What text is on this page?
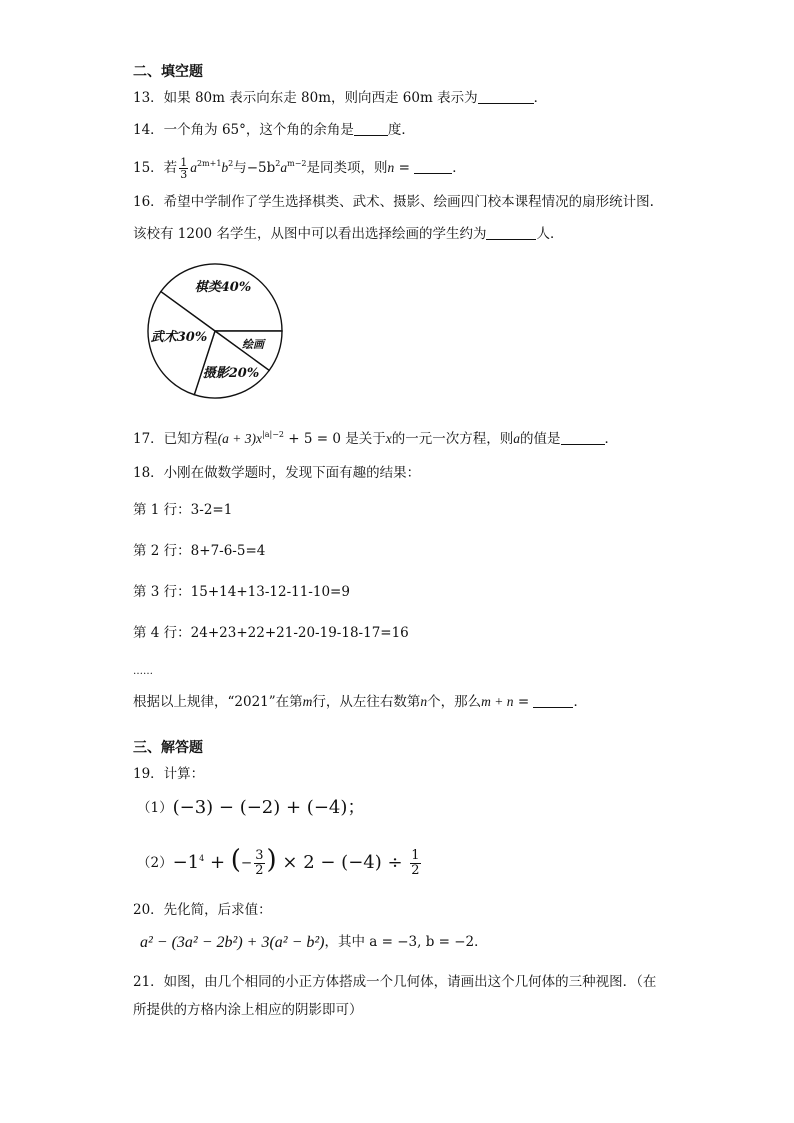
二、填空题
13．如果 80m 表示向东走 80m，则向西走 60m 表示为	．
14．一个角为 65°，这个角的余角是	度．
15．若 $\frac{1}{3} a^{2m+1}b^2$与$-5b^2a^{m-2}$是同类项，则n =	．
16．希望中学制作了学生选择棋类、武术、摄影、绘画四门校本课程情况的扇形统计图.
该校有 1200 名学生，从图中可以看出选择绘画的学生约为	人．
棋类40%
绘画
摄影20%
武术30%
17．已知方程$(a + 3)x^{|a|-2} + 5 = 0$ 是关于x的一元一次方程，则a的值是	．
18．小刚在做数学题时，发现下面有趣的结果：
第 1 行：3-2=1
第 2 行：8+7-6-5=4
第 3 行：15+14+13-12-11-10=9
第 4 行：24+23+22+21-20-19-18-17=16
……
根据以上规律，“2021”在第m行，从左往右数第n个，那么m + n =	．
三、解答题
19．计算：
（1）(−3) − (−2) + (−4)；
$(2)-1^4$ + (− $\frac{3}{2}$ ) × $2 - (-4) \div \frac{1}{2}$
20．先化简，后求值：
a² − (3a² − 2b²) + 3(a² − b²)，其中 a = −3, b = −2．
21．如图，由几个相同的小正方体搭成一个几何体，请画出这个几何体的三种视图．（在
所提供的方格内涂上相应的阴影即可）
